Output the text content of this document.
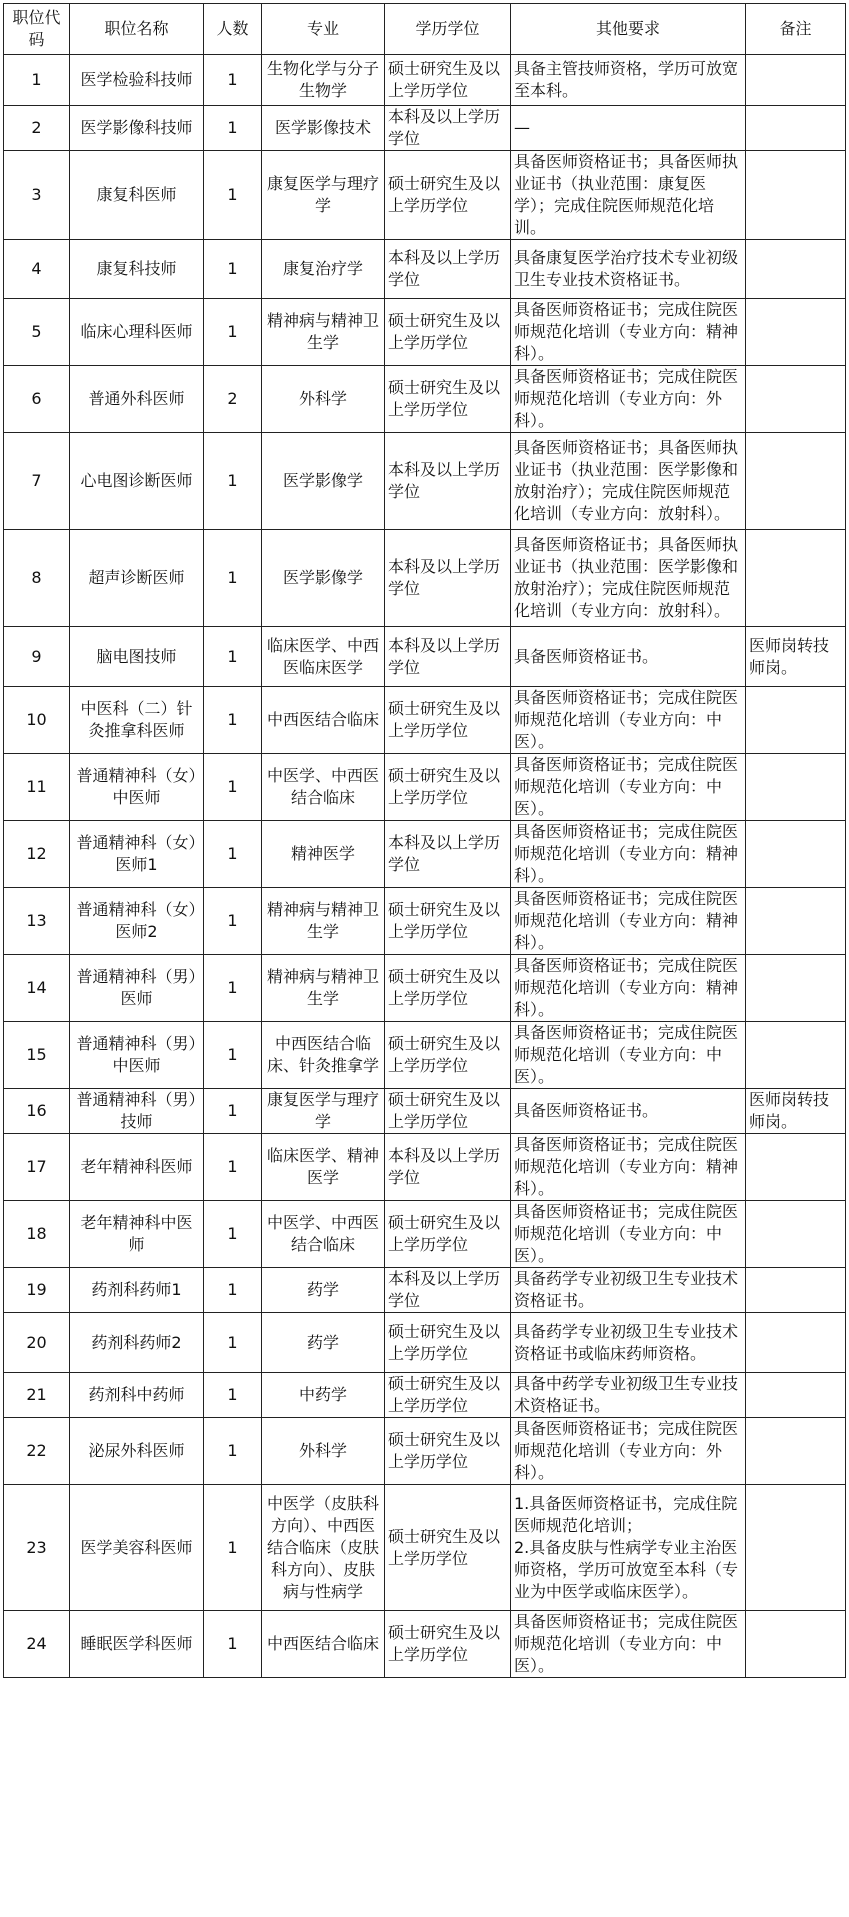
职位代码	职位名称	人数	专业	学历学位	其他要求	备注
1	医学检验科技师	1	生物化学与分子生物学	硕士研究生及以上学历学位	具备主管技师资格，学历可放宽至本科。	
2	医学影像科技师	1	医学影像技术	本科及以上学历学位	—	
3	康复科医师	1	康复医学与理疗学	硕士研究生及以上学历学位	具备医师资格证书；具备医师执业证书（执业范围：康复医学）；完成住院医师规范化培训。	
4	康复科技师	1	康复治疗学	本科及以上学历学位	具备康复医学治疗技术专业初级卫生专业技术资格证书。	
5	临床心理科医师	1	精神病与精神卫生学	硕士研究生及以上学历学位	具备医师资格证书；完成住院医师规范化培训（专业方向：精神科）。	
6	普通外科医师	2	外科学	硕士研究生及以上学历学位	具备医师资格证书；完成住院医师规范化培训（专业方向：外科）。	
7	心电图诊断医师	1	医学影像学	本科及以上学历学位	具备医师资格证书；具备医师执业证书（执业范围：医学影像和放射治疗）；完成住院医师规范化培训（专业方向：放射科）。	
8	超声诊断医师	1	医学影像学	本科及以上学历学位	具备医师资格证书；具备医师执业证书（执业范围：医学影像和放射治疗）；完成住院医师规范化培训（专业方向：放射科）。	
9	脑电图技师	1	临床医学、中西医临床医学	本科及以上学历学位	具备医师资格证书。	医师岗转技师岗。
10	中医科（二）针灸推拿科医师	1	中西医结合临床	硕士研究生及以上学历学位	具备医师资格证书；完成住院医师规范化培训（专业方向：中医）。	
11	普通精神科（女）中医师	1	中医学、中西医结合临床	硕士研究生及以上学历学位	具备医师资格证书；完成住院医师规范化培训（专业方向：中医）。	
12	普通精神科（女）医师1	1	精神医学	本科及以上学历学位	具备医师资格证书；完成住院医师规范化培训（专业方向：精神科）。	
13	普通精神科（女）医师2	1	精神病与精神卫生学	硕士研究生及以上学历学位	具备医师资格证书；完成住院医师规范化培训（专业方向：精神科）。	
14	普通精神科（男）医师	1	精神病与精神卫生学	硕士研究生及以上学历学位	具备医师资格证书；完成住院医师规范化培训（专业方向：精神科）。	
15	普通精神科（男）中医师	1	中西医结合临床、针灸推拿学	硕士研究生及以上学历学位	具备医师资格证书；完成住院医师规范化培训（专业方向：中医）。	
16	普通精神科（男）技师	1	康复医学与理疗学	硕士研究生及以上学历学位	具备医师资格证书。	医师岗转技师岗。
17	老年精神科医师	1	临床医学、精神医学	本科及以上学历学位	具备医师资格证书；完成住院医师规范化培训（专业方向：精神科）。	
18	老年精神科中医师	1	中医学、中西医结合临床	硕士研究生及以上学历学位	具备医师资格证书；完成住院医师规范化培训（专业方向：中医）。	
19	药剂科药师1	1	药学	本科及以上学历学位	具备药学专业初级卫生专业技术资格证书。	
20	药剂科药师2	1	药学	硕士研究生及以上学历学位	具备药学专业初级卫生专业技术资格证书或临床药师资格。	
21	药剂科中药师	1	中药学	硕士研究生及以上学历学位	具备中药学专业初级卫生专业技术资格证书。	
22	泌尿外科医师	1	外科学	硕士研究生及以上学历学位	具备医师资格证书；完成住院医师规范化培训（专业方向：外科）。	
23	医学美容科医师	1	中医学（皮肤科方向）、中西医结合临床（皮肤科方向）、皮肤病与性病学	硕士研究生及以上学历学位	1.具备医师资格证书，完成住院医师规范化培训；
2.具备皮肤与性病学专业主治医师资格，学历可放宽至本科（专业为中医学或临床医学）。	
24	睡眠医学科医师	1	中西医结合临床	硕士研究生及以上学历学位	具备医师资格证书；完成住院医师规范化培训（专业方向：中医）。	
